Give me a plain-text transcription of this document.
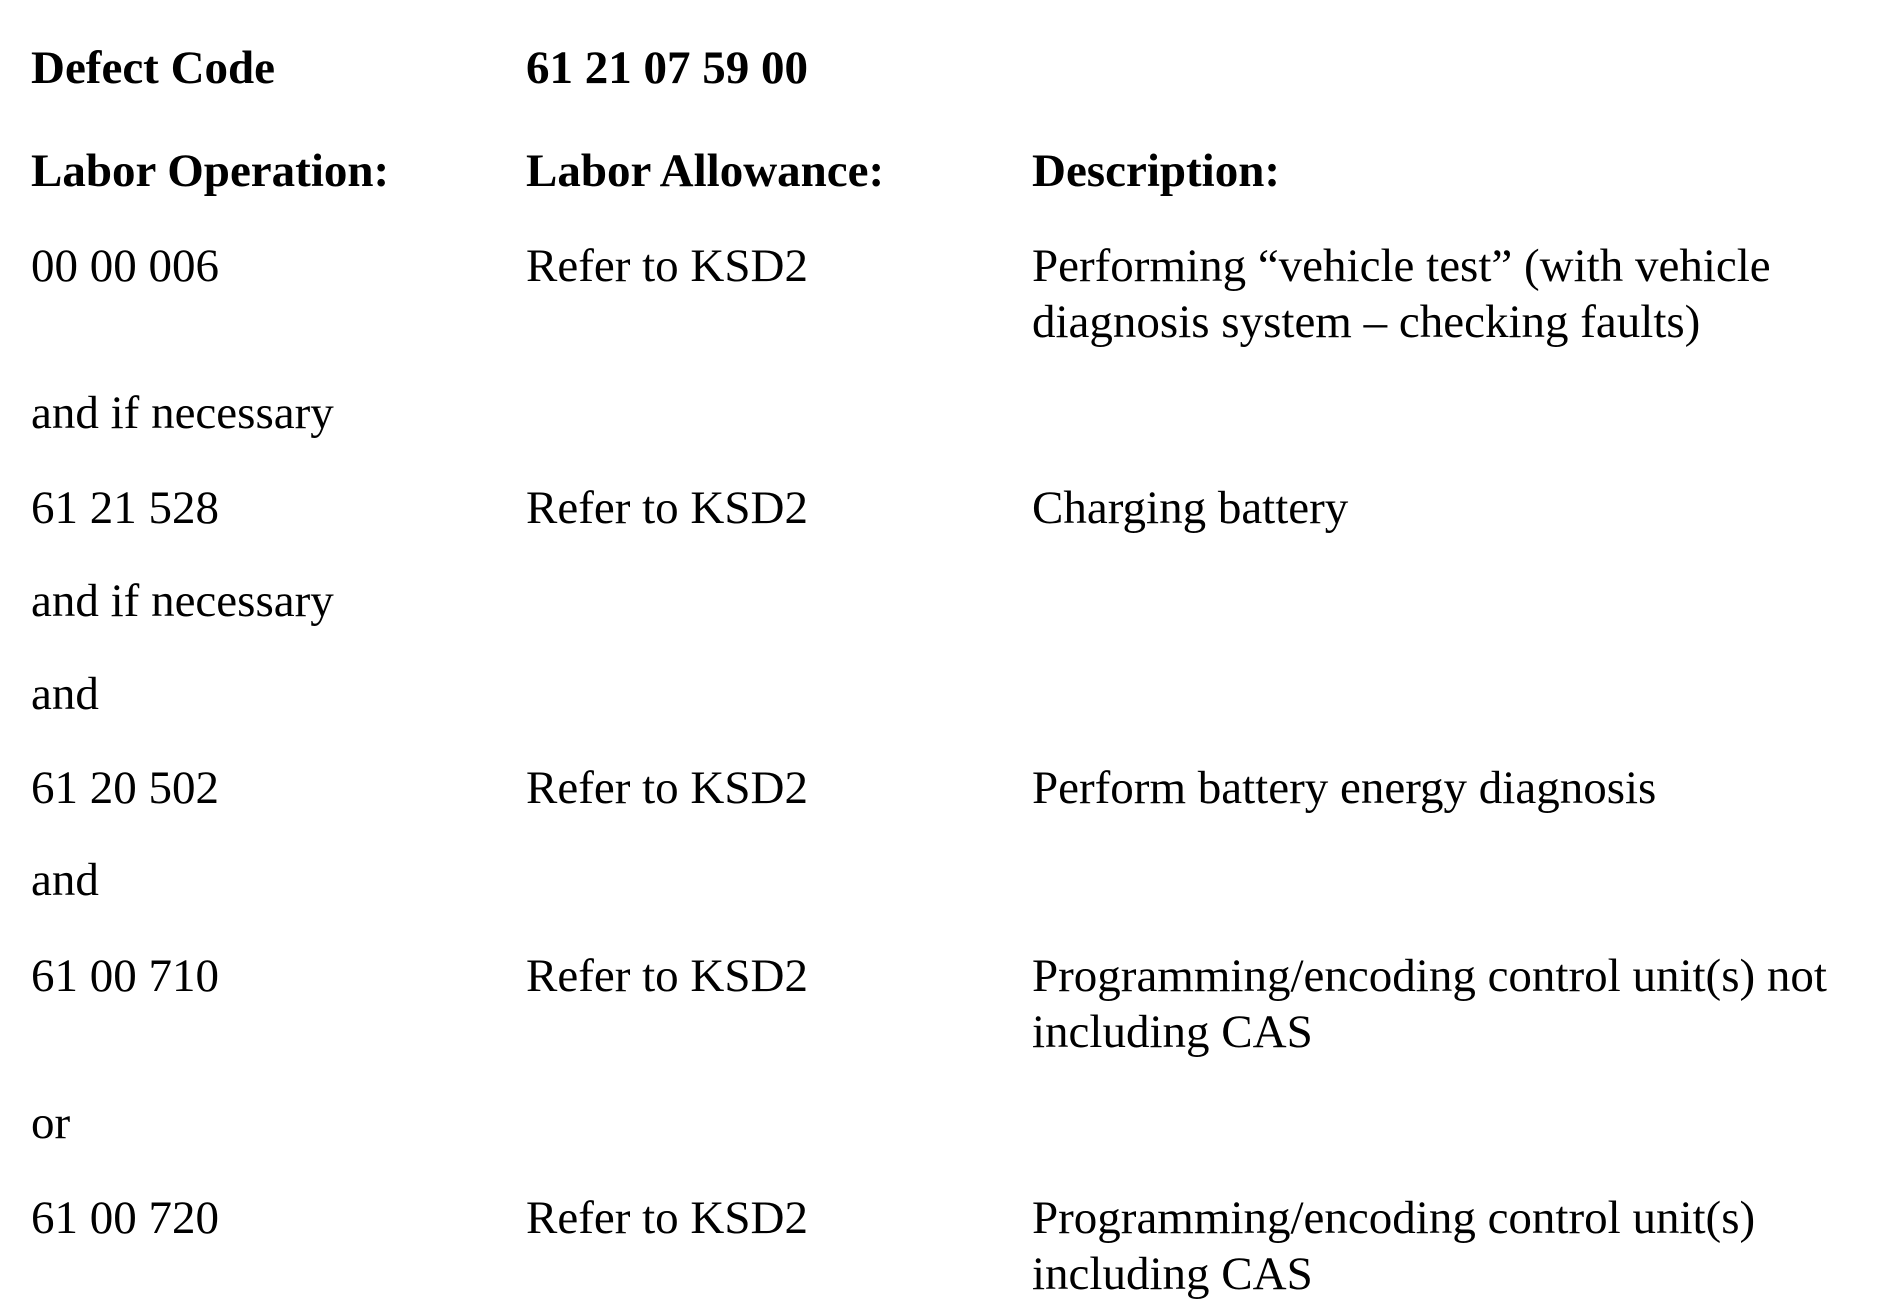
Defect Code	61 21 07 59 00
Labor Operation:	Labor Allowance:	Description:
00 00 006	Refer to KSD2	Performing “vehicle test” (with vehicle
diagnosis system – checking faults)
and if necessary
61 21 528	Refer to KSD2	Charging battery
and if necessary
and
61 20 502	Refer to KSD2	Perform battery energy diagnosis
and
61 00 710	Refer to KSD2	Programming/encoding control unit(s) not
including CAS
or
61 00 720	Refer to KSD2	Programming/encoding control unit(s)
including CAS
